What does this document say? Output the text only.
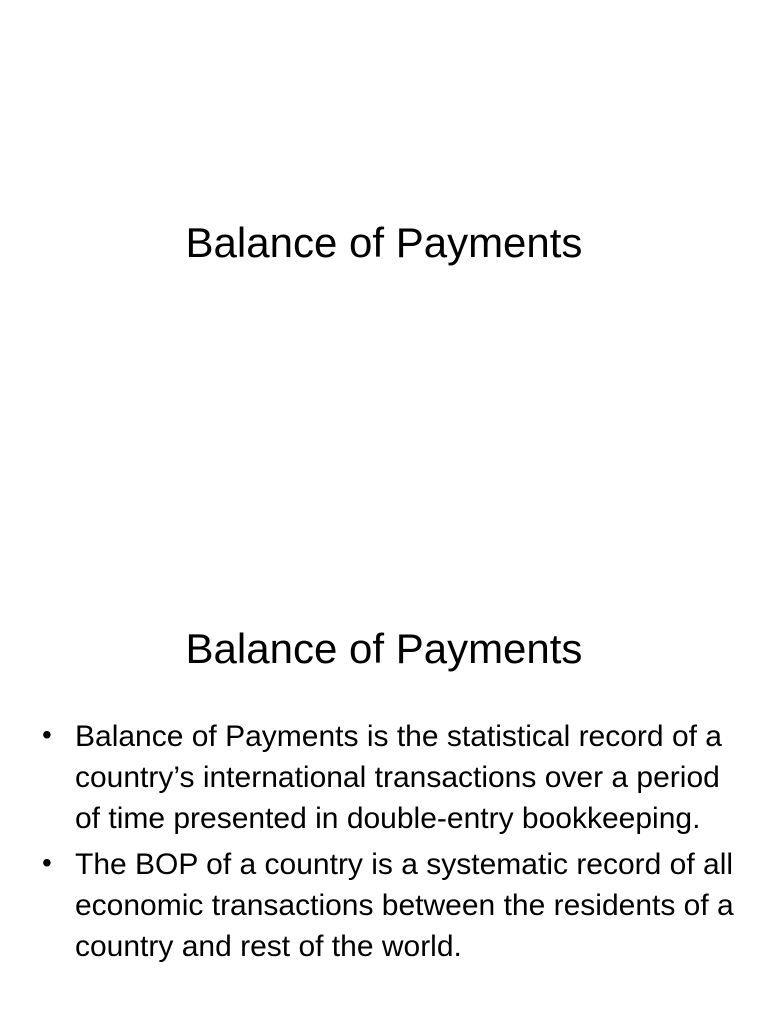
Balance of Payments
Balance of Payments
• Balance of Payments is the statistical record of a country’s international transactions over a period of time presented in double-entry bookkeeping.
• The BOP of a country is a systematic record of all economic transactions between the residents of a country and rest of the world.
